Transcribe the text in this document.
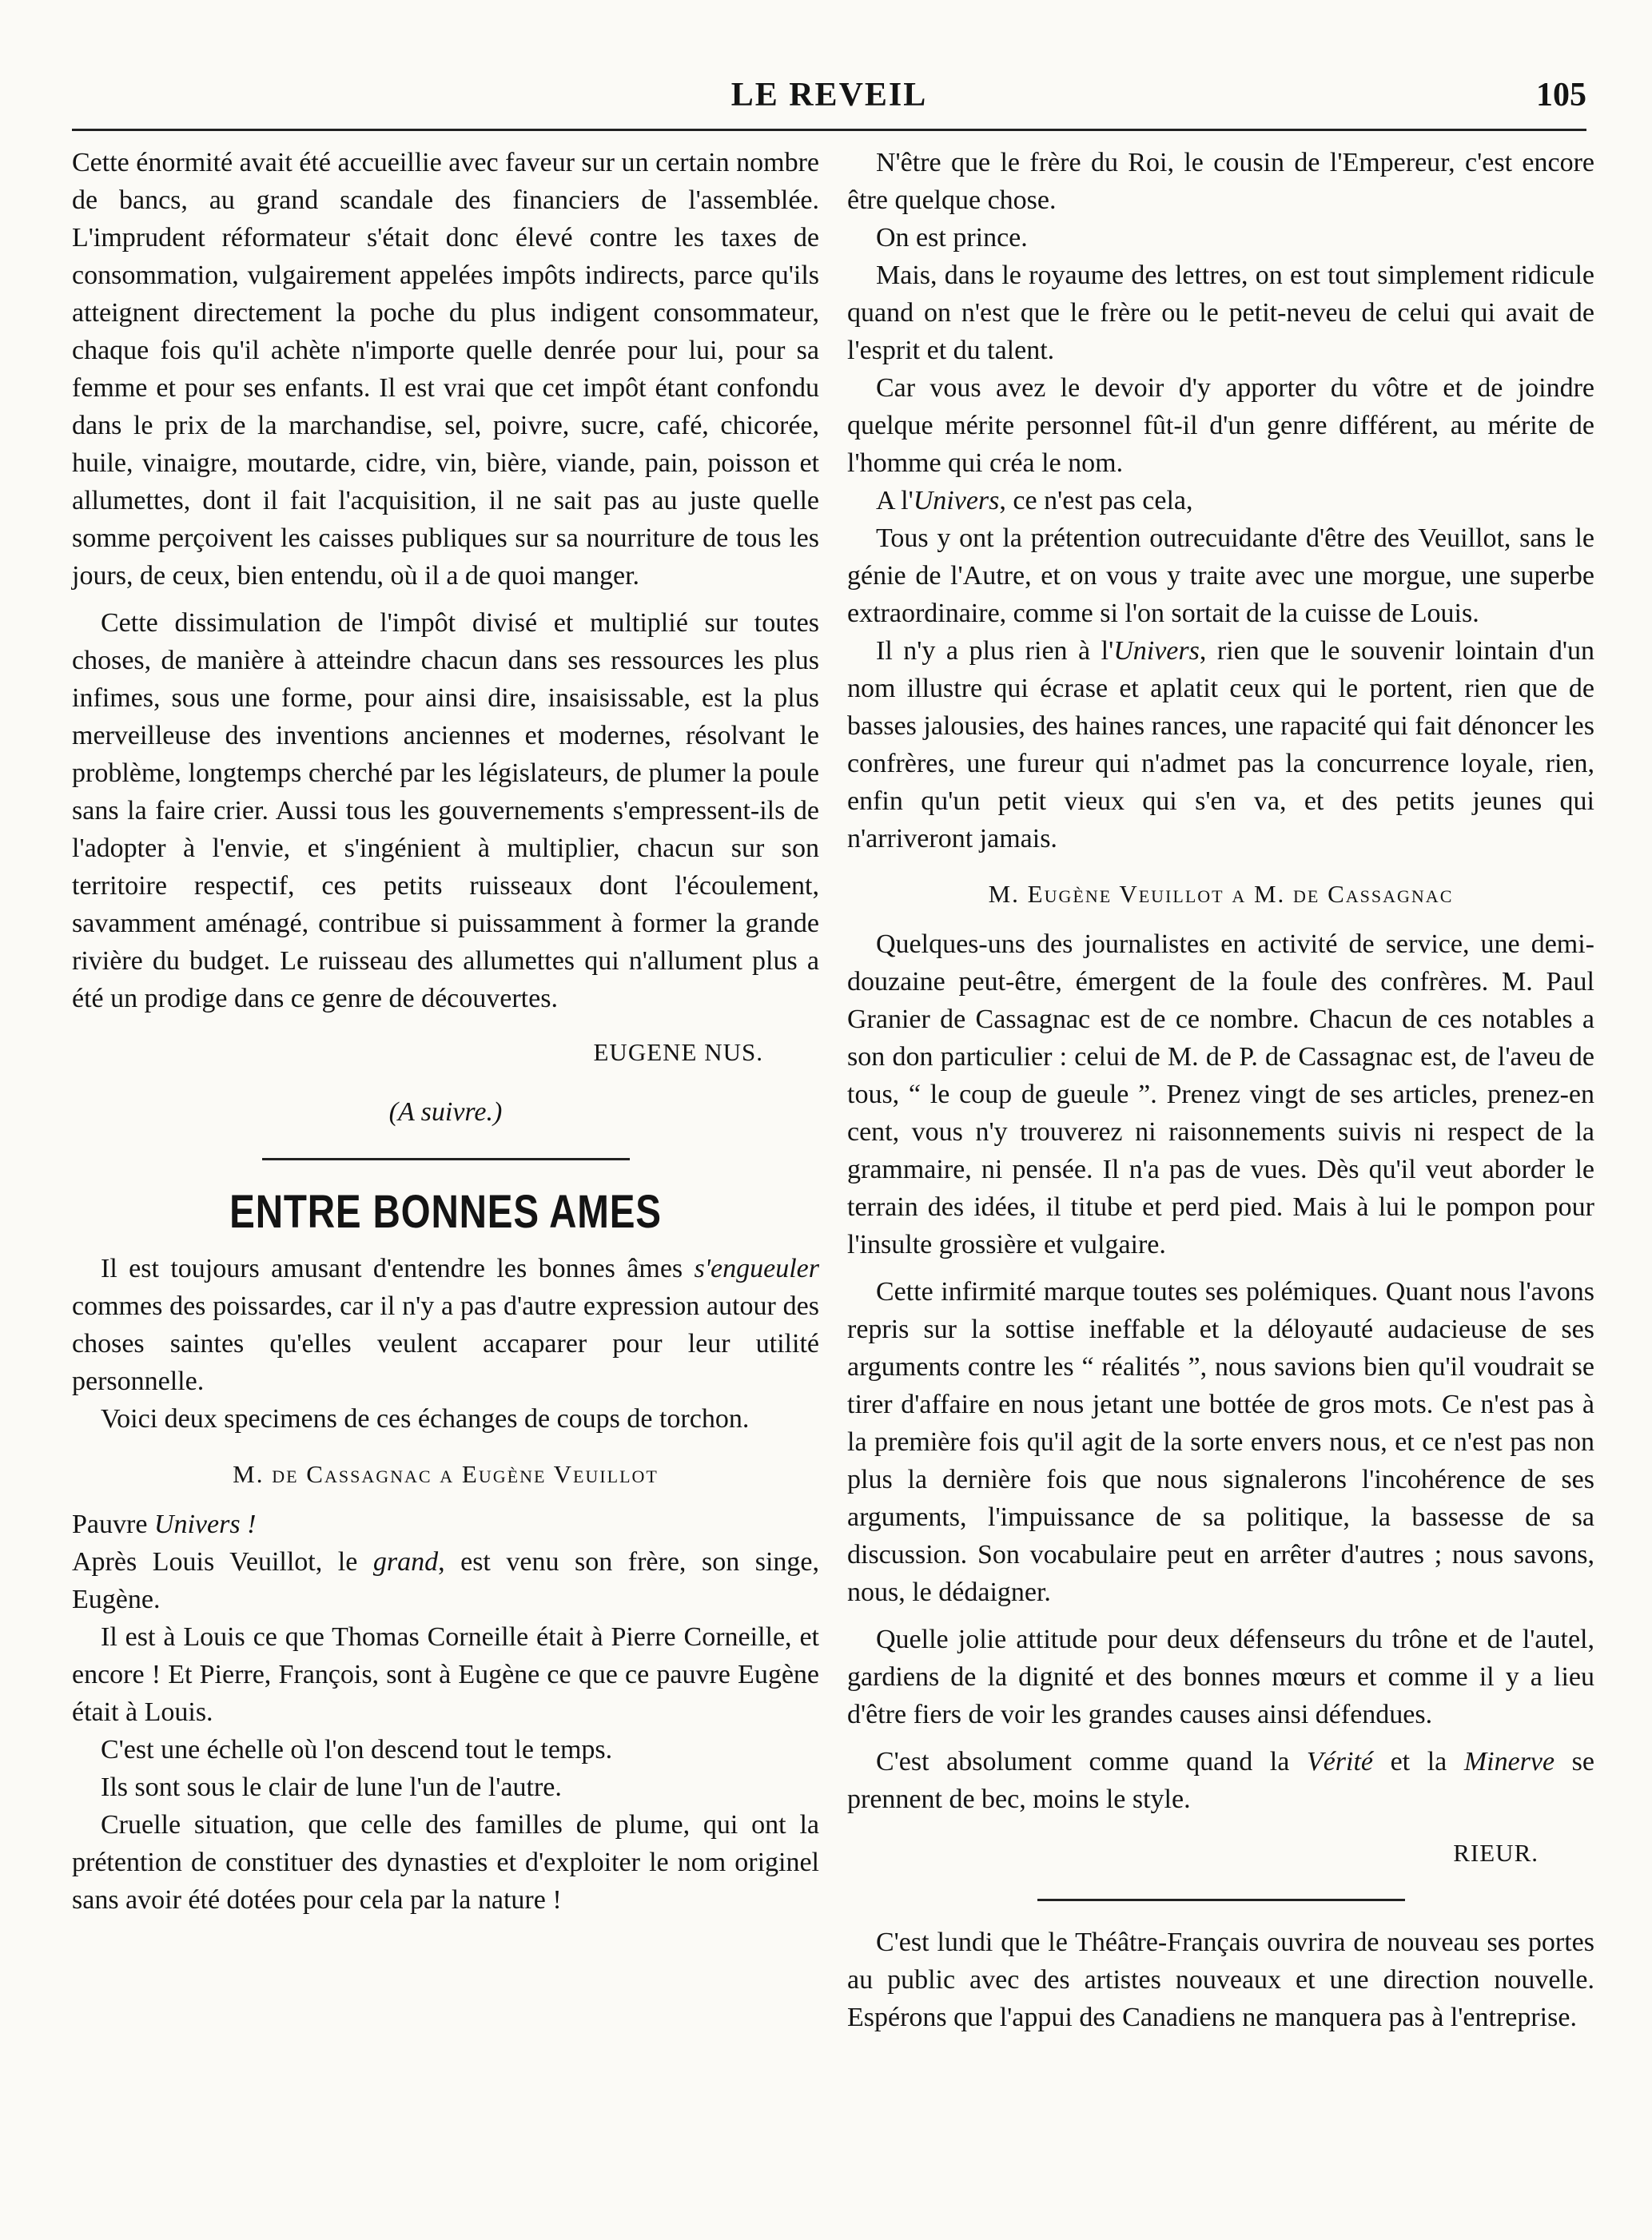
LE REVEIL	105

Cette énormité avait été accueillie avec faveur sur un certain nombre de bancs, au grand scandale des financiers de l'assemblée. L'imprudent réformateur s'était donc élevé contre les taxes de consommation, vulgairement appelées impôts indirects, parce qu'ils atteignent directement la poche du plus indigent consommateur, chaque fois qu'il achète n'importe quelle denrée pour lui, pour sa femme et pour ses enfants. Il est vrai que cet impôt étant confondu dans le prix de la marchandise, sel, poivre, sucre, café, chicorée, huile, vinaigre, moutarde, cidre, vin, bière, viande, pain, poisson et allumettes, dont il fait l'acquisition, il ne sait pas au juste quelle somme perçoivent les caisses publiques sur sa nourriture de tous les jours, de ceux, bien entendu, où il a de quoi manger.

Cette dissimulation de l'impôt divisé et multiplié sur toutes choses, de manière à atteindre chacun dans ses ressources les plus infimes, sous une forme, pour ainsi dire, insaisissable, est la plus merveilleuse des inventions anciennes et modernes, résolvant le problème, longtemps cherché par les législateurs, de plumer la poule sans la faire crier. Aussi tous les gouvernements s'empressent-ils de l'adopter à l'envie, et s'ingénient à multiplier, chacun sur son territoire respectif, ces petits ruisseaux dont l'écoulement, savamment aménagé, contribue si puissamment à former la grande rivière du budget. Le ruisseau des allumettes qui n'allument plus a été un prodige dans ce genre de découvertes.

EUGENE NUS.

(A suivre.)

ENTRE BONNES AMES

Il est toujours amusant d'entendre les bonnes âmes s'engueuler commes des poissardes, car il n'y a pas d'autre expression autour des choses saintes qu'elles veulent accaparer pour leur utilité personnelle.

Voici deux specimens de ces échanges de coups de torchon.

M. de Cassagnac a Eugène Veuillot

Pauvre Univers !

Après Louis Veuillot, le grand, est venu son frère, son singe, Eugène.

Il est à Louis ce que Thomas Corneille était à Pierre Corneille, et encore ! Et Pierre, François, sont à Eugène ce que ce pauvre Eugène était à Louis.

C'est une échelle où l'on descend tout le temps.

Ils sont sous le clair de lune l'un de l'autre.

Cruelle situation, que celle des familles de plume, qui ont la prétention de constituer des dynasties et d'exploiter le nom originel sans avoir été dotées pour cela par la nature !

N'être que le frère du Roi, le cousin de l'Empereur, c'est encore être quelque chose.

On est prince.

Mais, dans le royaume des lettres, on est tout simplement ridicule quand on n'est que le frère ou le petit-neveu de celui qui avait de l'esprit et du talent.

Car vous avez le devoir d'y apporter du vôtre et de joindre quelque mérite personnel fût-il d'un genre différent, au mérite de l'homme qui créa le nom.

A l'Univers, ce n'est pas cela,

Tous y ont la prétention outrecuidante d'être des Veuillot, sans le génie de l'Autre, et on vous y traite avec une morgue, une superbe extraordinaire, comme si l'on sortait de la cuisse de Louis.

Il n'y a plus rien à l'Univers, rien que le souvenir lointain d'un nom illustre qui écrase et aplatit ceux qui le portent, rien que de basses jalousies, des haines rances, une rapacité qui fait dénoncer les confrères, une fureur qui n'admet pas la concurrence loyale, rien, enfin qu'un petit vieux qui s'en va, et des petits jeunes qui n'arriveront jamais.

M. Eugène Veuillot a M. de Cassagnac

Quelques-uns des journalistes en activité de service, une demi-douzaine peut-être, émergent de la foule des confrères. M. Paul Granier de Cassagnac est de ce nombre. Chacun de ces notables a son don particulier : celui de M. de P. de Cassagnac est, de l'aveu de tous, “ le coup de gueule ”. Prenez vingt de ses articles, prenez-en cent, vous n'y trouverez ni raisonnements suivis ni respect de la grammaire, ni pensée. Il n'a pas de vues. Dès qu'il veut aborder le terrain des idées, il titube et perd pied. Mais à lui le pompon pour l'insulte grossière et vulgaire.

Cette infirmité marque toutes ses polémiques. Quant nous l'avons repris sur la sottise ineffable et la déloyauté audacieuse de ses arguments contre les “ réalités ”, nous savions bien qu'il voudrait se tirer d'affaire en nous jetant une bottée de gros mots. Ce n'est pas à la première fois qu'il agit de la sorte envers nous, et ce n'est pas non plus la dernière fois que nous signalerons l'incohérence de ses arguments, l'impuissance de sa politique, la bassesse de sa discussion. Son vocabulaire peut en arrêter d'autres ; nous savons, nous, le dédaigner.

Quelle jolie attitude pour deux défenseurs du trône et de l'autel, gardiens de la dignité et des bonnes mœurs et comme il y a lieu d'être fiers de voir les grandes causes ainsi défendues.

C'est absolument comme quand la Vérité et la Minerve se prennent de bec, moins le style.

RIEUR.

C'est lundi que le Théâtre-Français ouvrira de nouveau ses portes au public avec des artistes nouveaux et une direction nouvelle. Espérons que l'appui des Canadiens ne manquera pas à l'entreprise.
